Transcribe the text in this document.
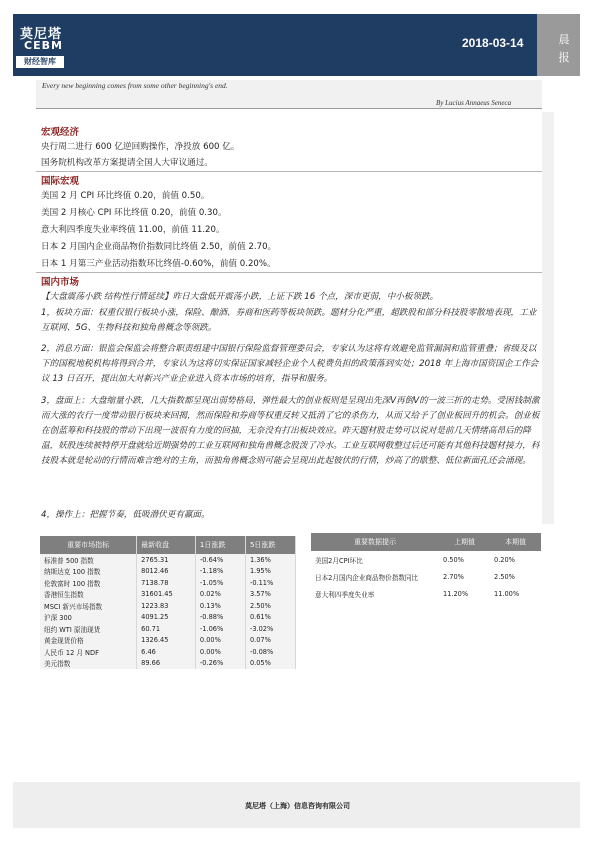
莫尼塔
CEBM
财经智库
2018-03-14	晨
报
Every new beginning comes from some other beginning's end.
By Lucius Annaeus Seneca
宏观经济
央行周二进行 600 亿逆回购操作，净投放 600 亿。
国务院机构改革方案提请全国人大审议通过。
国际宏观
美国 2 月 CPI 环比终值 0.20，前值 0.50。
美国 2 月核心 CPI 环比终值 0.20，前值 0.30。
意大利四季度失业率终值 11.00，前值 11.20。
日本 2 月国内企业商品物价指数同比终值 2.50，前值 2.70。
日本 1 月第三产业活动指数环比终值-0.60%，前值 0.20%。
国内市场
【大盘震荡小跌 结构性行情延续】昨日大盘低开震荡小跌，上证下跌 16 个点，深市更弱，中小板领跌。
1，板块方面：权重仅银行板块小涨，保险、酿酒、券商和医药等板块领跌。题材分化严重，超跌股和部分科技股零散地表现，工业互联网、5G、生物科技和独角兽概念等领跌。
2，消息方面：银监会保监会将整合职责组建中国银行保险监督管理委员会，专家认为这将有效避免监管漏洞和监管重叠；省级及以下的国税地税机构将得到合并，专家认为这将切实保证国家减轻企业个人税费负担的政策落到实处；2018 年上海市国资国企工作会议 13 日召开，提出加大对新兴产业企业进入资本市场的培育，指导和服务。
3，盘面上：大盘缩量小跌，几大指数都呈现出弱势格局，弹性最大的创业板则是呈现出先深V再倒V的一波三折的走势。受困钱制激而大涨的农行一度带动银行板块来回揭，然而保险和券商等权重反转又抵消了它的杀伤力，从而又给予了创业板回升的机会。创业板在创蓝筹和科技股的带动下出现一波很有力度的回抽，无奈没有打出板块效应。昨天题材股走势可以说对是前几天情绪高昂后的降温，妖股连续被特停开盘就给近期强势的工业互联网和独角兽概念股泼了冷水。工业互联网敬整过后还可能有其他科技题材接力，科技股本就是轮动的行情而难言绝对的主角，而独角兽概念则可能会呈现出此起彼伏的行情，炒高了的歇整、低位新面孔还会涌现。
4，操作上：把握节奏，低吸潜伏更有赢面。
重要市场指标	最新收盘	1日涨跌	5日涨跌
标准普 500 指数	2765.31	-0.64%	1.36%
纳斯达克 100 指数	8012.46	-1.18%	1.95%
伦敦富时 100 指数	7138.78	-1.05%	-0.11%
香港恒生指数	31601.45	0.02%	3.57%
MSCI 新兴市场指数	1223.83	0.13%	2.50%
沪深 300	4091.25	-0.88%	0.61%
纽约 WTI 原油现货	60.71	-1.06%	-3.02%
黄金现货价格	1326.45	0.00%	0.07%
人民币 12 月 NDF	6.46	0.00%	-0.08%
美元指数	89.66	-0.26%	0.05%
重要数据提示	上期值	本期值
美国2月CPI环比	0.50%	0.20%
日本2月国内企业商品物价指数同比	2.70%	2.50%
意大利四季度失业率	11.20%	11.00%
莫尼塔（上海）信息咨询有限公司
